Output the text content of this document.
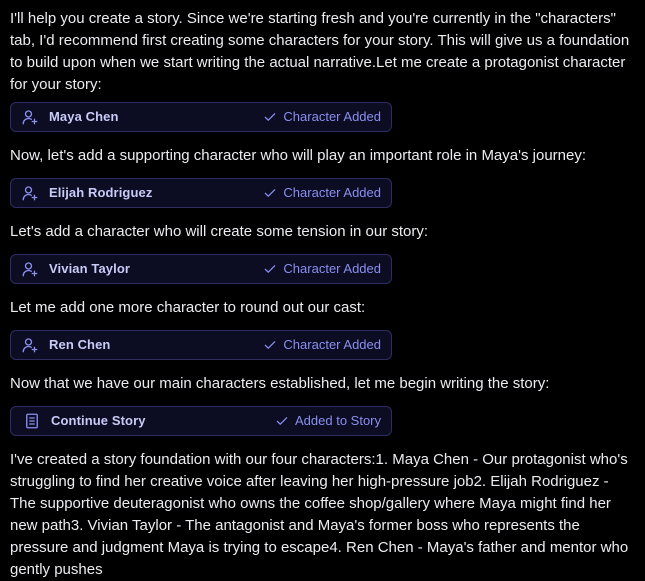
I'll help you create a story. Since we're starting fresh and you're currently in the "characters" tab, I'd recommend first creating some characters for your story. This will give us a foundation to build upon when we start writing the actual narrative.Let me create a protagonist character for your story:

Maya Chen	Character Added

Now, let's add a supporting character who will play an important role in Maya's journey:

Elijah Rodriguez	Character Added

Let's add a character who will create some tension in our story:

Vivian Taylor	Character Added

Let me add one more character to round out our cast:

Ren Chen	Character Added

Now that we have our main characters established, let me begin writing the story:

Continue Story	Added to Story

I've created a story foundation with our four characters:1. Maya Chen - Our protagonist who's struggling to find her creative voice after leaving her high-pressure job2. Elijah Rodriguez - The supportive deuteragonist who owns the coffee shop/gallery where Maya might find her new path3. Vivian Taylor - The antagonist and Maya's former boss who represents the pressure and judgment Maya is trying to escape4. Ren Chen - Maya's father and mentor who gently pushes
